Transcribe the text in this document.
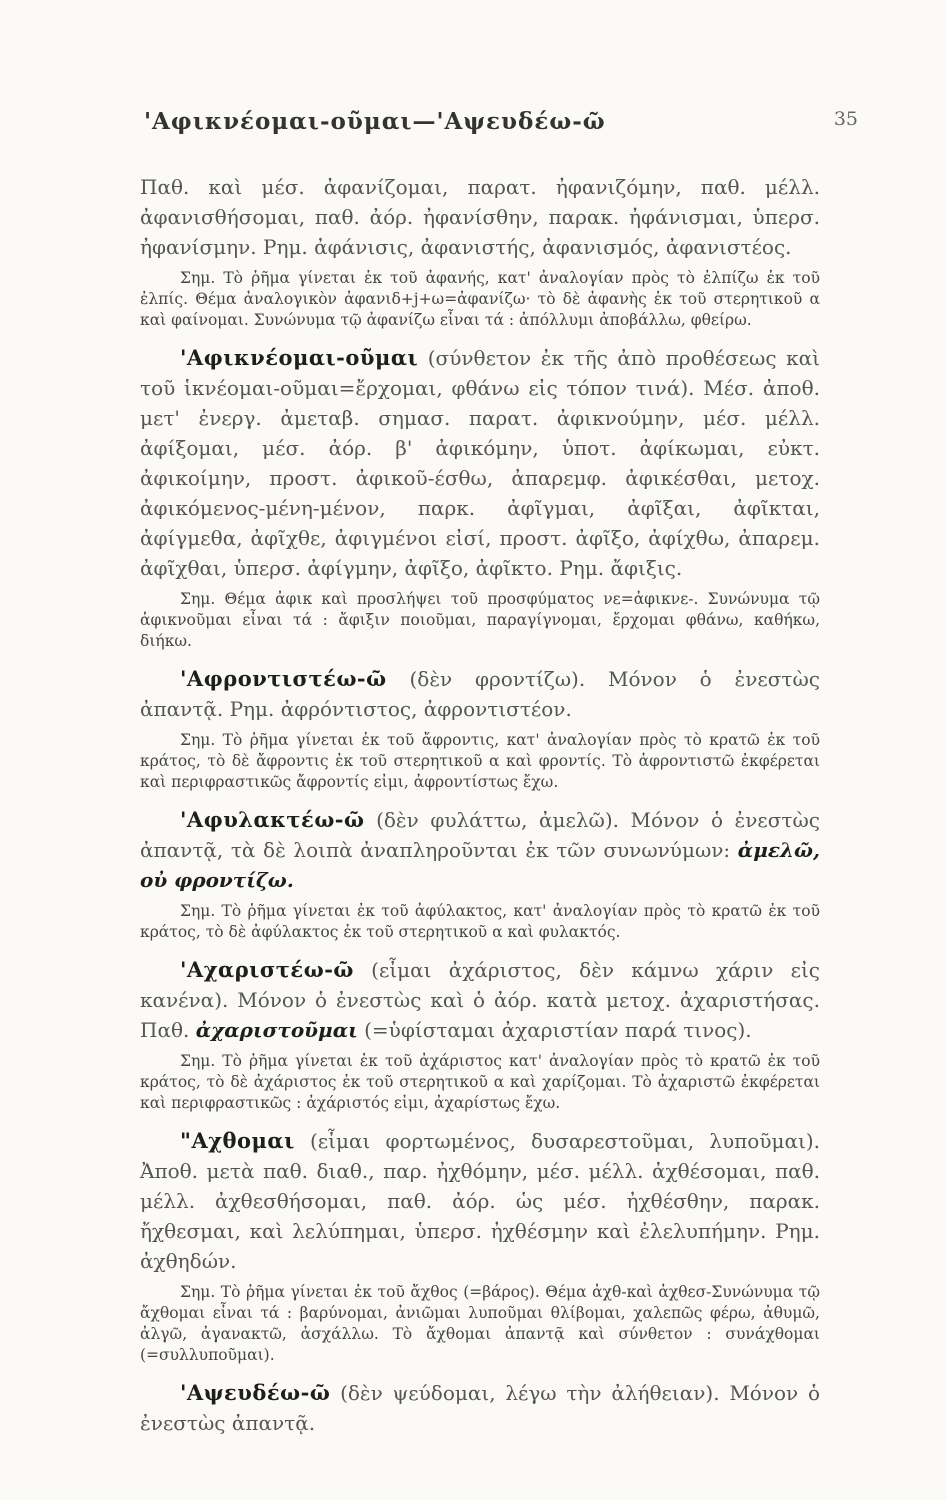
'Αφικνέομαι-οῦμαι—'Αψευδέω-ῶ	35

Παθ. καὶ μέσ. ἀφανίζομαι, παρατ. ἠφανιζόμην, παθ. μέλλ. ἀφανισθήσομαι, παθ. ἀόρ. ἠφανίσθην, παρακ. ἠφάνισμαι, ὑπερσ. ἠφανίσμην. Ρημ. ἀφάνισις, ἀφανιστής, ἀφανισμός, ἀφανιστέος.

Σημ. Τὸ ῥῆμα γίνεται ἐκ τοῦ ἀφανής, κατ' ἀναλογίαν πρὸς τὸ ἐλπίζω ἐκ τοῦ ἐλπίς. Θέμα ἀναλογικὸν ἀφανιδ+j+ω=ἀφανίζω· τὸ δὲ ἀφανὴς ἐκ τοῦ στερητικοῦ α καὶ φαίνομαι. Συνώνυμα τῷ ἀφανίζω εἶναι τά : ἀπόλλυμι ἀποβάλλω, φθείρω.

'Αφικνέομαι-οῦμαι (σύνθετον ἐκ τῆς ἀπὸ προθέσεως καὶ τοῦ ἱκνέομαι-οῦμαι=ἔρχομαι, φθάνω εἰς τόπον τινά). Μέσ. ἀποθ. μετ' ἐνεργ. ἀμεταβ. σημασ. παρατ. ἀφικνούμην, μέσ. μέλλ. ἀφίξομαι, μέσ. ἀόρ. β' ἀφικόμην, ὑποτ. ἀφίκωμαι, εὐκτ. ἀφικοίμην, προστ. ἀφικοῦ-έσθω, ἀπαρεμφ. ἀφικέσθαι, μετοχ. ἀφικόμενος-μένη-μένον, παρκ. ἀφῖγμαι, ἀφῖξαι, ἀφῖκται, ἀφίγμεθα, ἀφῖχθε, ἀφιγμένοι εἰσί, προστ. ἀφῖξο, ἀφίχθω, ἀπαρεμ. ἀφῖχθαι, ὑπερσ. ἀφίγμην, ἀφῖξο, ἀφῖκτο. Ρημ. ἄφιξις.

Σημ. Θέμα ἀφικ καὶ προσλήψει τοῦ προσφύματος νε=ἀφικνε-. Συνώνυμα τῷ ἀφικνοῦμαι εἶναι τά : ἄφιξιν ποιοῦμαι, παραγίγνομαι, ἔρχομαι φθάνω, καθήκω, διήκω.

'Αφροντιστέω-ῶ (δὲν φροντίζω). Μόνον ὁ ἐνεστὼς ἀπαντᾷ. Ρημ. ἀφρόντιστος, ἀφροντιστέον.

Σημ. Τὸ ῥῆμα γίνεται ἐκ τοῦ ἄφροντις, κατ' ἀναλογίαν πρὸς τὸ κρατῶ ἐκ τοῦ κράτος, τὸ δὲ ἄφροντις ἐκ τοῦ στερητικοῦ α καὶ φροντίς. Τὸ ἀφροντιστῶ ἐκφέρεται καὶ περιφραστικῶς ἄφροντίς εἰμι, ἀφροντίστως ἔχω.

'Αφυλακτέω-ῶ (δὲν φυλάττω, ἀμελῶ). Μόνον ὁ ἐνεστὼς ἀπαντᾷ, τὰ δὲ λοιπὰ ἀναπληροῦνται ἐκ τῶν συνωνύμων: ἀμελῶ, οὐ φροντίζω.

Σημ. Τὸ ῥῆμα γίνεται ἐκ τοῦ ἀφύλακτος, κατ' ἀναλογίαν πρὸς τὸ κρατῶ ἐκ τοῦ κράτος, τὸ δὲ ἀφύλακτος ἐκ τοῦ στερητικοῦ α καὶ φυλακτός.

'Αχαριστέω-ῶ (εἶμαι ἀχάριστος, δὲν κάμνω χάριν εἰς κανένα). Μόνον ὁ ἐνεστὼς καὶ ὁ ἀόρ. κατὰ μετοχ. ἀχαριστήσας. Παθ. ἀχαριστοῦμαι (=ὑφίσταμαι ἀχαριστίαν παρά τινος).

Σημ. Τὸ ῥῆμα γίνεται ἐκ τοῦ ἀχάριστος κατ' ἀναλογίαν πρὸς τὸ κρατῶ ἐκ τοῦ κράτος, τὸ δὲ ἀχάριστος ἐκ τοῦ στερητικοῦ α καὶ χαρίζομαι. Τὸ ἀχαριστῶ ἐκφέρεται καὶ περιφραστικῶς : ἀχάριστός εἰμι, ἀχαρίστως ἔχω.

"Αχθομαι (εἶμαι φορτωμένος, δυσαρεστοῦμαι, λυποῦμαι). Ἀποθ. μετὰ παθ. διαθ., παρ. ἠχθόμην, μέσ. μέλλ. ἀχθέσομαι, παθ. μέλλ. ἀχθεσθήσομαι, παθ. ἀόρ. ὡς μέσ. ἠχθέσθην, παρακ. ἤχθεσμαι, καὶ λελύπημαι, ὑπερσ. ἠχθέσμην καὶ ἐλελυπήμην. Ρημ. ἀχθηδών.

Σημ. Τὸ ῥῆμα γίνεται ἐκ τοῦ ἄχθος (=βάρος). Θέμα ἀχθ-καὶ ἀχθεσ-Συνώνυμα τῷ ἄχθομαι εἶναι τά : βαρύνομαι, ἀνιῶμαι λυποῦμαι θλίβομαι, χαλεπῶς φέρω, ἀθυμῶ, ἀλγῶ, ἀγανακτῶ, ἀσχάλλω. Τὸ ἄχθομαι ἀπαντᾷ καὶ σύνθετον : συνάχθομαι (=συλλυποῦμαι).

'Αψευδέω-ῶ (δὲν ψεύδομαι, λέγω τὴν ἀλήθειαν). Μόνον ὁ ἐνεστὼς ἀπαντᾷ.
